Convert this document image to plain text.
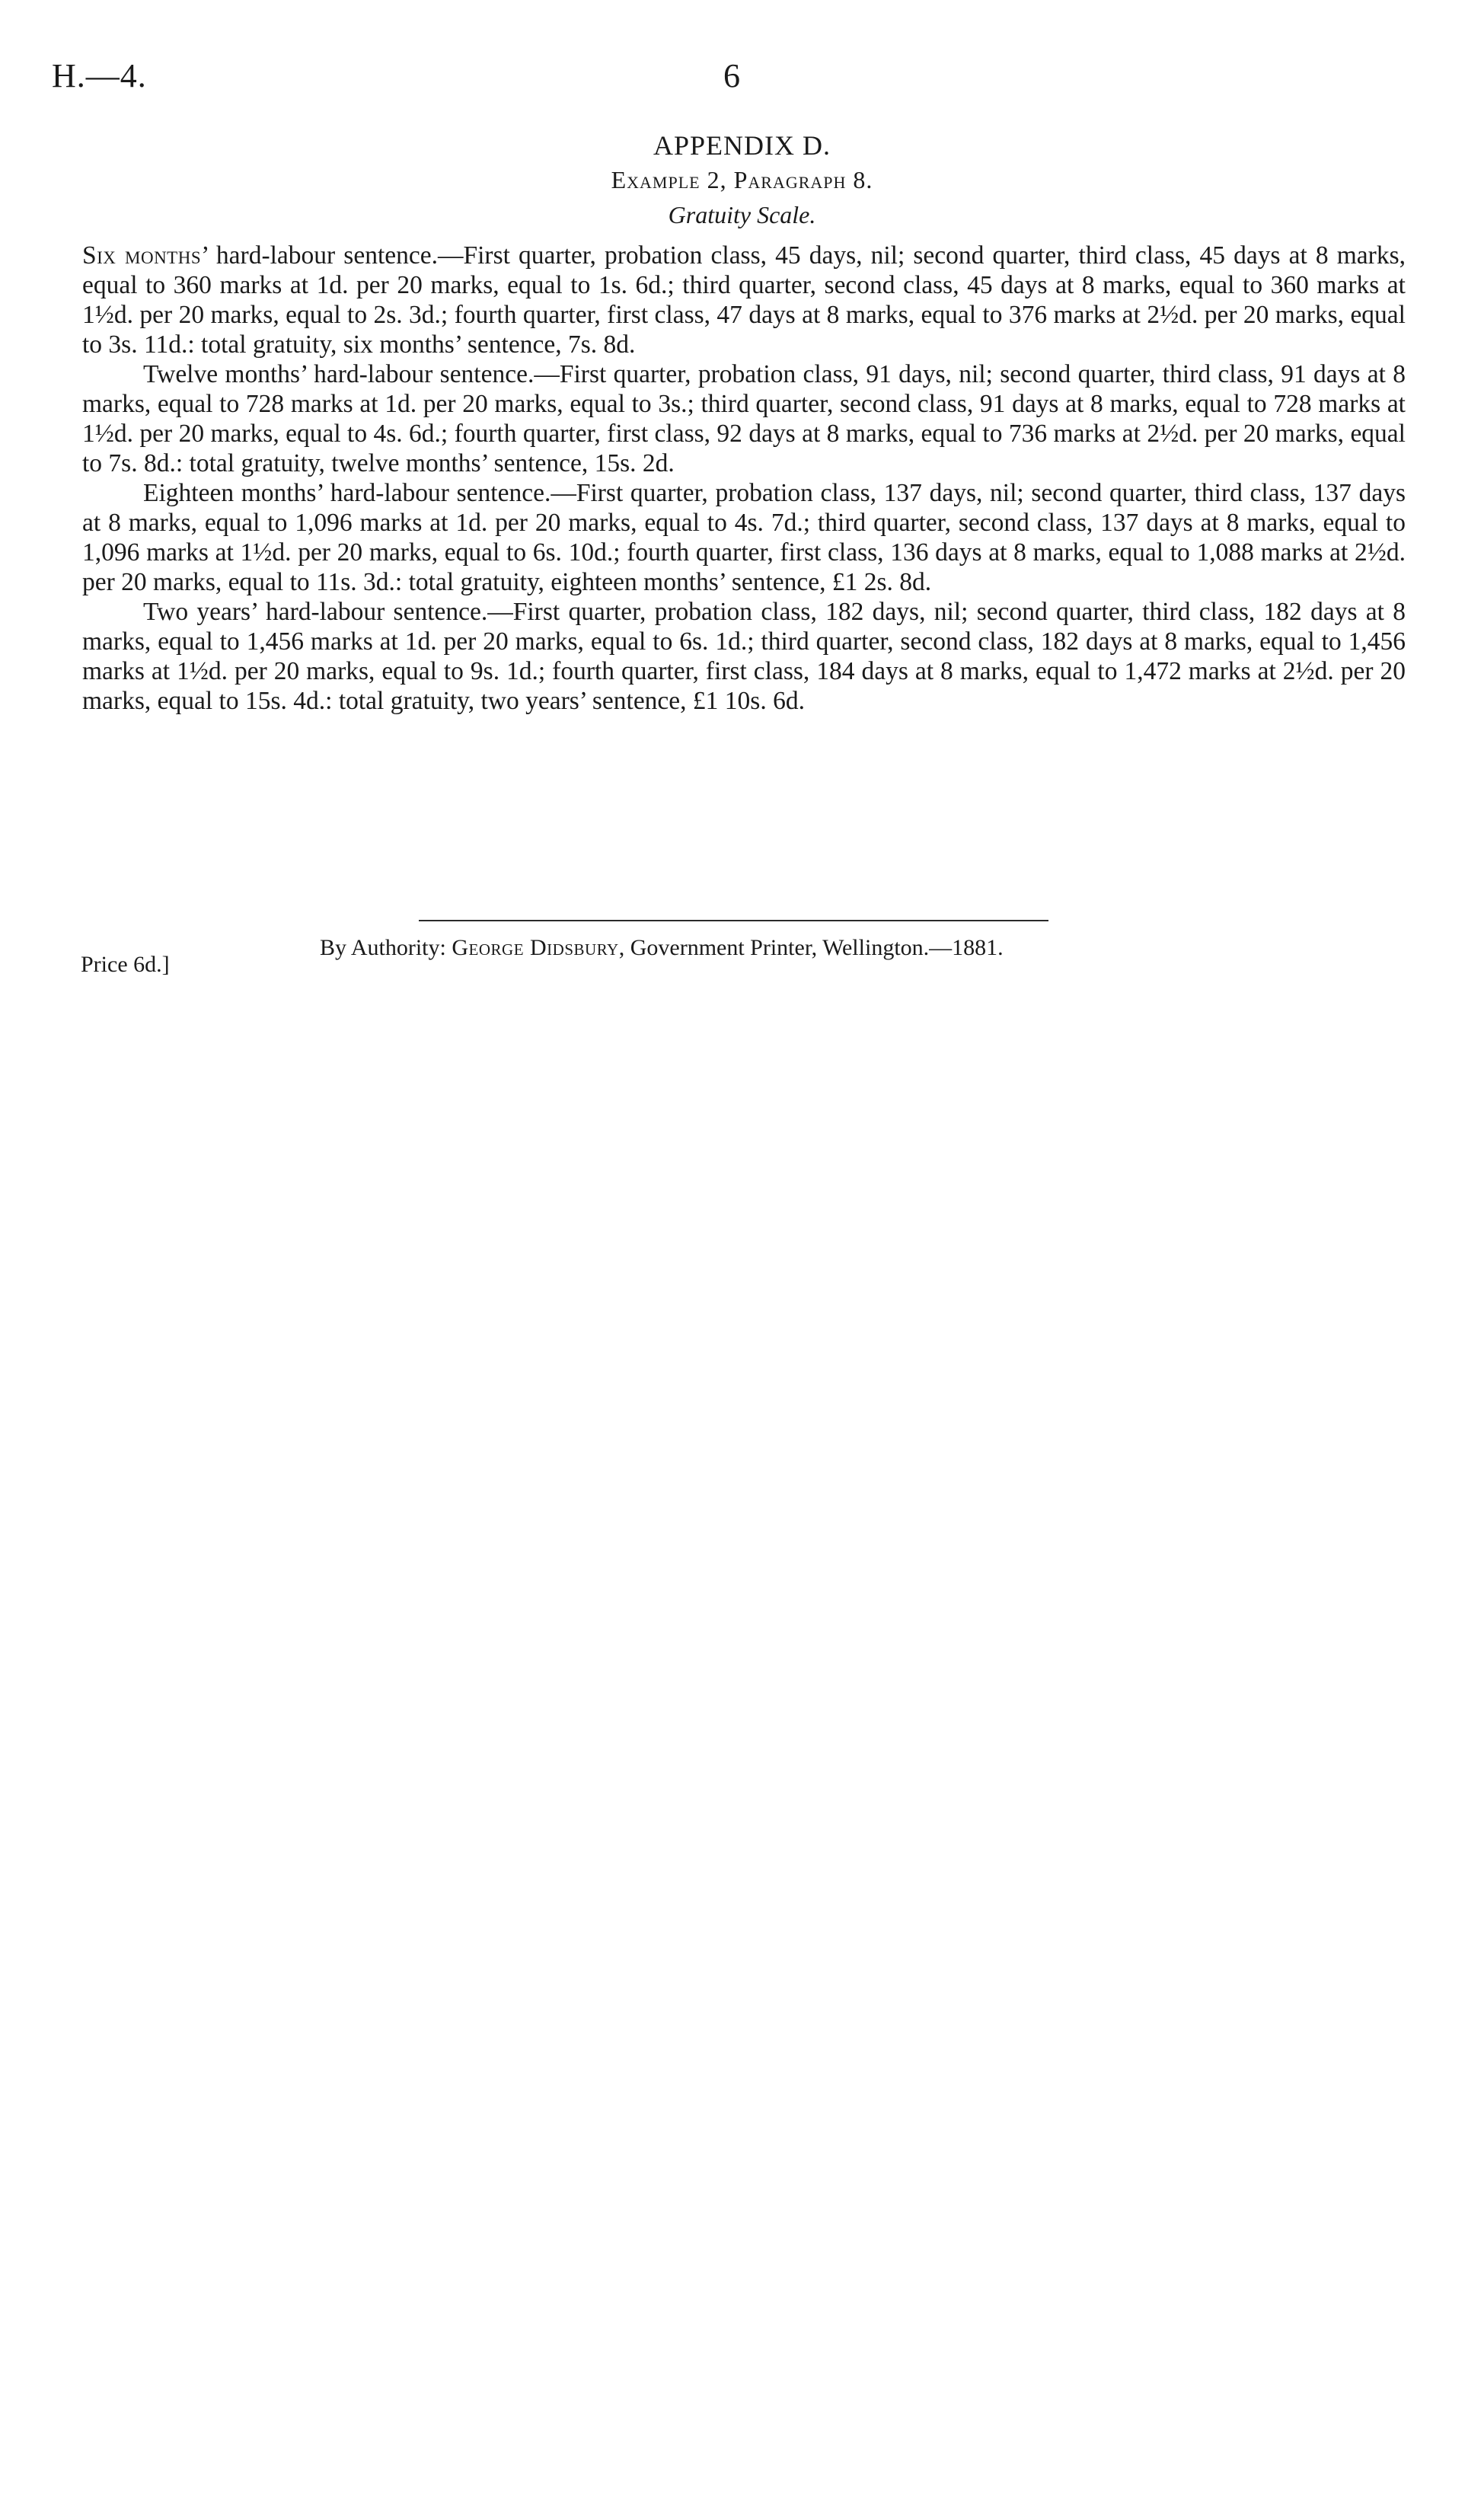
H.—4.	6
APPENDIX D.
Example 2, Paragraph 8.
Gratuity Scale.

Six months’ hard-labour sentence.—First quarter, probation class, 45 days, nil; second quarter, third class, 45 days at 8 marks, equal to 360 marks at 1d. per 20 marks, equal to 1s. 6d.; third quarter, second class, 45 days at 8 marks, equal to 360 marks at 1½d. per 20 marks, equal to 2s. 3d.; fourth quarter, first class, 47 days at 8 marks, equal to 376 marks at 2½d. per 20 marks, equal to 3s. 11d.: total gratuity, six months’ sentence, 7s. 8d.

Twelve months’ hard-labour sentence.—First quarter, probation class, 91 days, nil; second quarter, third class, 91 days at 8 marks, equal to 728 marks at 1d. per 20 marks, equal to 3s.; third quarter, second class, 91 days at 8 marks, equal to 728 marks at 1½d. per 20 marks, equal to 4s. 6d.; fourth quarter, first class, 92 days at 8 marks, equal to 736 marks at 2½d. per 20 marks, equal to 7s. 8d.: total gratuity, twelve months’ sentence, 15s. 2d.

Eighteen months’ hard-labour sentence.—First quarter, probation class, 137 days, nil; second quarter, third class, 137 days at 8 marks, equal to 1,096 marks at 1d. per 20 marks, equal to 4s. 7d.; third quarter, second class, 137 days at 8 marks, equal to 1,096 marks at 1½d. per 20 marks, equal to 6s. 10d.; fourth quarter, first class, 136 days at 8 marks, equal to 1,088 marks at 2½d. per 20 marks, equal to 11s. 3d.: total gratuity, eighteen months’ sentence, £1 2s. 8d.

Two years’ hard-labour sentence.—First quarter, probation class, 182 days, nil; second quarter, third class, 182 days at 8 marks, equal to 1,456 marks at 1d. per 20 marks, equal to 6s. 1d.; third quarter, second class, 182 days at 8 marks, equal to 1,456 marks at 1½d. per 20 marks, equal to 9s. 1d.; fourth quarter, first class, 184 days at 8 marks, equal to 1,472 marks at 2½d. per 20 marks, equal to 15s. 4d.: total gratuity, two years’ sentence, £1 10s. 6d.

By Authority: George Didsbury, Government Printer, Wellington.—1881.
Price 6d.]
